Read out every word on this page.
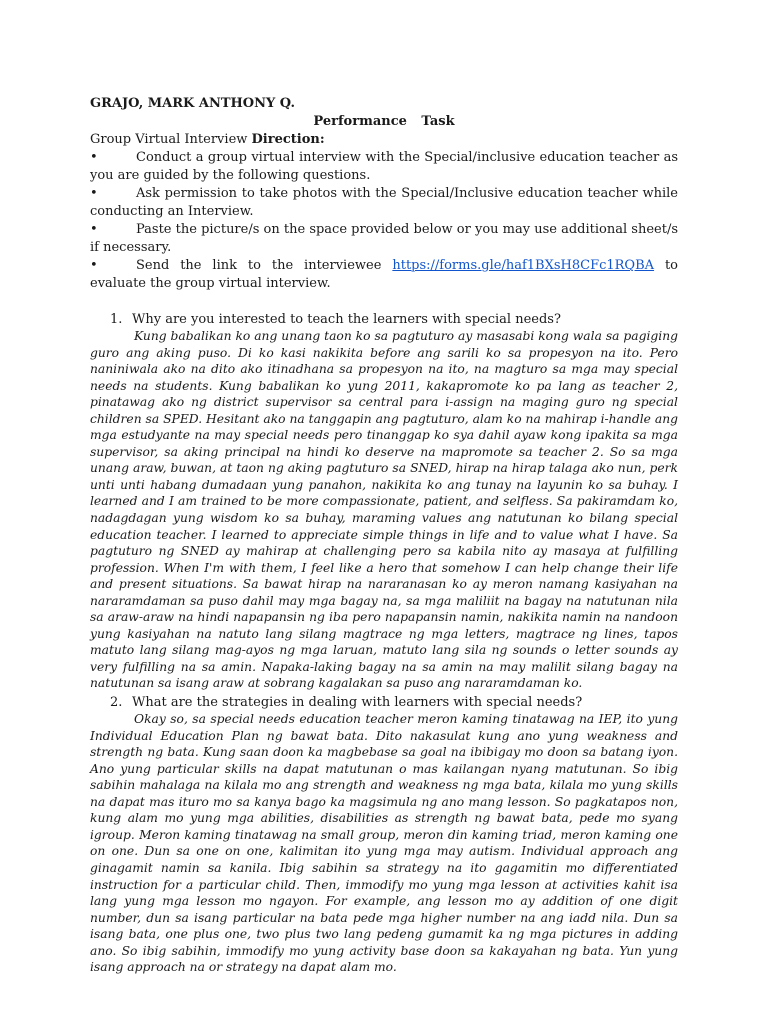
GRAJO, MARK ANTHONY Q.

Performance Task

Group Virtual Interview Direction:

•	Conduct a group virtual interview with the Special/inclusive education teacher as you are guided by the following questions.

•	Ask permission to take photos with the Special/Inclusive education teacher while conducting an Interview.

•	Paste the picture/s on the space provided below or you may use additional sheet/s if necessary.

•	Send the link to the interviewee https://forms.gle/haf1BXsH8CFc1RQBA to evaluate the group virtual interview.

1. Why are you interested to teach the learners with special needs?

Kung babalikan ko ang unang taon ko sa pagtuturo ay masasabi kong wala sa pagiging guro ang aking puso. Di ko kasi nakikita before ang sarili ko sa propesyon na ito. Pero naniniwala ako na dito ako itinadhana sa propesyon na ito, na magturo sa mga may special needs na students. Kung babalikan ko yung 2011, kakapromote ko pa lang as teacher 2, pinatawag ako ng district supervisor sa central para i-assign na maging guro ng special children sa SPED. Hesitant ako na tanggapin ang pagtuturo, alam ko na mahirap i-handle ang mga estudyante na may special needs pero tinanggap ko sya dahil ayaw kong ipakita sa mga supervisor, sa aking principal na hindi ko deserve na mapromote sa teacher 2. So sa mga unang araw, buwan, at taon ng aking pagtuturo sa SNED, hirap na hirap talaga ako nun, perk unti unti habang dumadaan yung panahon, nakikita ko ang tunay na layunin ko sa buhay. I learned and I am trained to be more compassionate, patient, and selfless. Sa pakiramdam ko, nadagdagan yung wisdom ko sa buhay, maraming values ang natutunan ko bilang special education teacher. I learned to appreciate simple things in life and to value what I have. Sa pagtuturo ng SNED ay mahirap at challenging pero sa kabila nito ay masaya at fulfilling profession. When I'm with them, I feel like a hero that somehow I can help change their life and present situations. Sa bawat hirap na nararanasan ko ay meron namang kasiyahan na nararamdaman sa puso dahil may mga bagay na, sa mga maliliit na bagay na natutunan nila sa araw-araw na hindi napapansin ng iba pero napapansin namin, nakikita namin na nandoon yung kasiyahan na natuto lang silang magtrace ng mga letters, magtrace ng lines, tapos matuto lang silang mag-ayos ng mga laruan, matuto lang sila ng sounds o letter sounds ay very fulfilling na sa amin. Napaka-laking bagay na sa amin na may malilit silang bagay na natutunan sa isang araw at sobrang kagalakan sa puso ang nararamdaman ko.

2. What are the strategies in dealing with learners with special needs?

Okay so, sa special needs education teacher meron kaming tinatawag na IEP, ito yung Individual Education Plan ng bawat bata. Dito nakasulat kung ano yung weakness and strength ng bata. Kung saan doon ka magbebase sa goal na ibibigay mo doon sa batang iyon. Ano yung particular skills na dapat matutunan o mas kailangan nyang matutunan. So ibig sabihin mahalaga na kilala mo ang strength and weakness ng mga bata, kilala mo yung skills na dapat mas ituro mo sa kanya bago ka magsimula ng ano mang lesson. So pagkatapos non, kung alam mo yung mga abilities, disabilities as strength ng bawat bata, pede mo syang igroup. Meron kaming tinatawag na small group, meron din kaming triad, meron kaming one on one. Dun sa one on one, kalimitan ito yung mga may autism. Individual approach ang ginagamit namin sa kanila. Ibig sabihin sa strategy na ito gagamitin mo differentiated instruction for a particular child. Then, immodify mo yung mga lesson at activities kahit isa lang yung mga lesson mo ngayon. For example, ang lesson mo ay addition of one digit number, dun sa isang particular na bata pede mga higher number na ang iadd nila. Dun sa isang bata, one plus one, two plus two lang pedeng gumamit ka ng mga pictures in adding ano. So ibig sabihin, immodify mo yung activity base doon sa kakayahan ng bata. Yun yung isang approach na or strategy na dapat alam mo.
